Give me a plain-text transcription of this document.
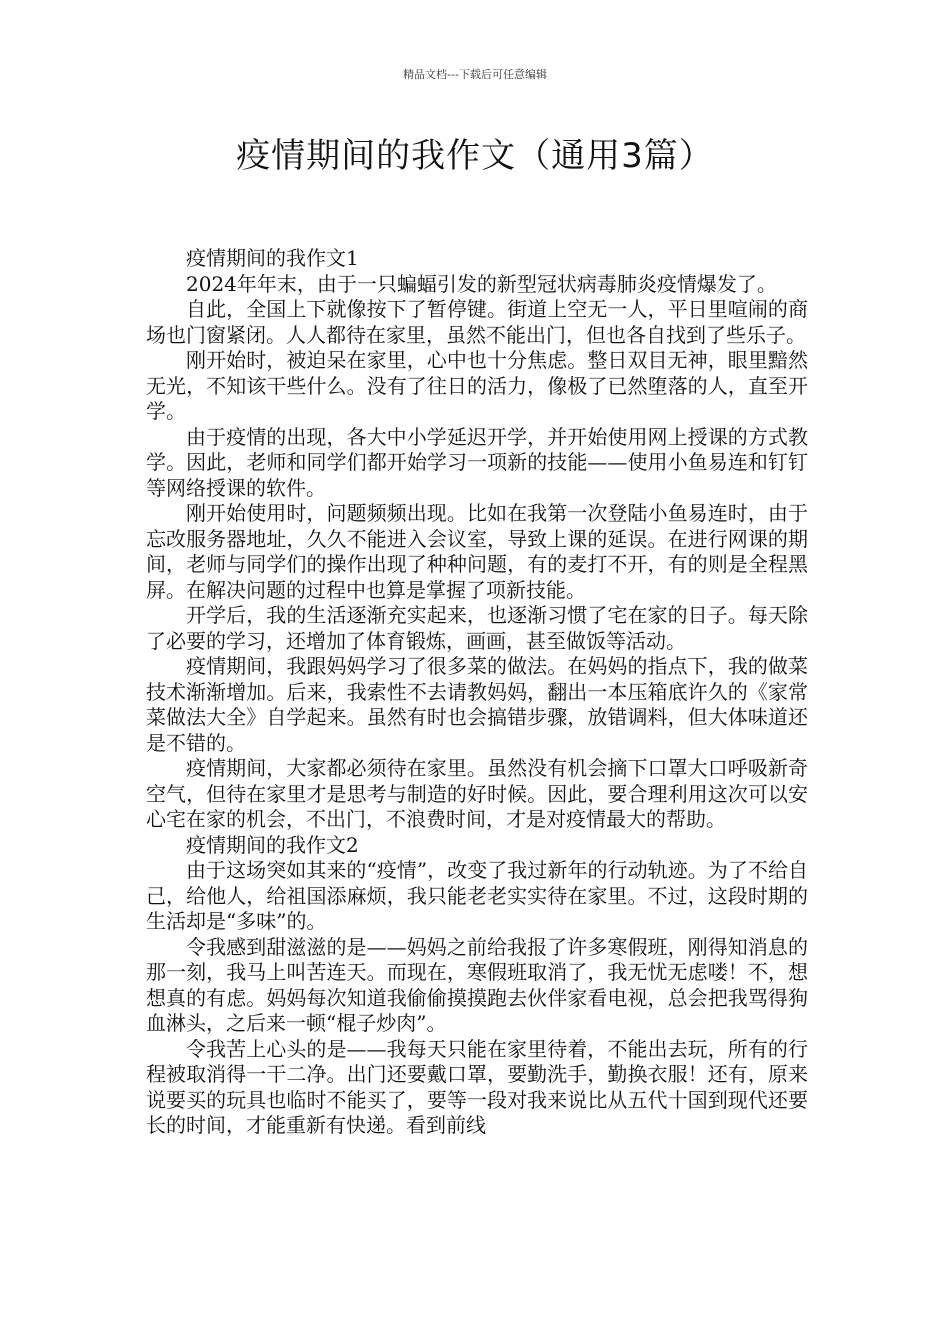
精品文档---下载后可任意编辑
疫情期间的我作文（通用3篇）

疫情期间的我作文1

2024年年末，由于一只蝙蝠引发的新型冠状病毒肺炎疫情爆发了。

自此，全国上下就像按下了暂停键。街道上空无一人，平日里喧闹的商场也门窗紧闭。人人都待在家里，虽然不能出门，但也各自找到了些乐子。

刚开始时，被迫呆在家里，心中也十分焦虑。整日双目无神，眼里黯然无光，不知该干些什么。没有了往日的活力，像极了已然堕落的人，直至开学。

由于疫情的出现，各大中小学延迟开学，并开始使用网上授课的方式教学。因此，老师和同学们都开始学习一项新的技能——使用小鱼易连和钉钉等网络授课的软件。

刚开始使用时，问题频频出现。比如在我第一次登陆小鱼易连时，由于忘改服务器地址，久久不能进入会议室，导致上课的延误。在进行网课的期间，老师与同学们的操作出现了种种问题，有的麦打不开，有的则是全程黑屏。在解决问题的过程中也算是掌握了项新技能。

开学后，我的生活逐渐充实起来，也逐渐习惯了宅在家的日子。每天除了必要的学习，还增加了体育锻炼，画画，甚至做饭等活动。

疫情期间，我跟妈妈学习了很多菜的做法。在妈妈的指点下，我的做菜技术渐渐增加。后来，我索性不去请教妈妈，翻出一本压箱底许久的《家常菜做法大全》自学起来。虽然有时也会搞错步骤，放错调料，但大体味道还是不错的。

疫情期间，大家都必须待在家里。虽然没有机会摘下口罩大口呼吸新奇空气，但待在家里才是思考与制造的好时候。因此，要合理利用这次可以安心宅在家的机会，不出门，不浪费时间，才是对疫情最大的帮助。

疫情期间的我作文2

由于这场突如其来的“疫情”，改变了我过新年的行动轨迹。为了不给自己，给他人，给祖国添麻烦，我只能老老实实待在家里。不过，这段时期的生活却是“多味”的。

令我感到甜滋滋的是——妈妈之前给我报了许多寒假班，刚得知消息的那一刻，我马上叫苦连天。而现在，寒假班取消了，我无忧无虑喽！不，想想真的有虑。妈妈每次知道我偷偷摸摸跑去伙伴家看电视，总会把我骂得狗血淋头，之后来一顿“棍子炒肉”。

令我苦上心头的是——我每天只能在家里待着，不能出去玩，所有的行程被取消得一干二净。出门还要戴口罩，要勤洗手，勤换衣服！还有，原来说要买的玩具也临时不能买了，要等一段对我来说比从五代十国到现代还要长的时间，才能重新有快递。看到前线
